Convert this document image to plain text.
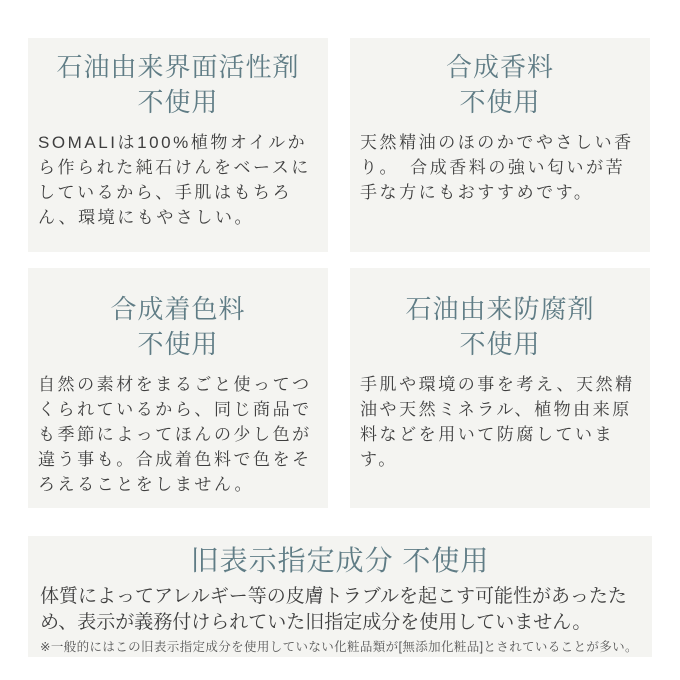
石油由来界面活性剤
不使用

SOMALIは100%植物オイルから作られた純石けんをベースにしているから、手肌はもちろん、環境にもやさしい。

合成香料
不使用

天然精油のほのかでやさしい香り。　合成香料の強い匂いが苦手な方にもおすすめです。

合成着色料
不使用

自然の素材をまるごと使ってつくられているから、同じ商品でも季節によってほんの少し色が違う事も。合成着色料で色をそろえることをしません。

石油由来防腐剤
不使用

手肌や環境の事を考え、天然精油や天然ミネラル、植物由来原料などを用いて防腐しています。

旧表示指定成分 不使用

体質によってアレルギー等の皮膚トラブルを起こす可能性があったため、表示が義務付けられていた旧指定成分を使用していません。

※一般的にはこの旧表示指定成分を使用していない化粧品類が[無添加化粧品]とされていることが多い。
